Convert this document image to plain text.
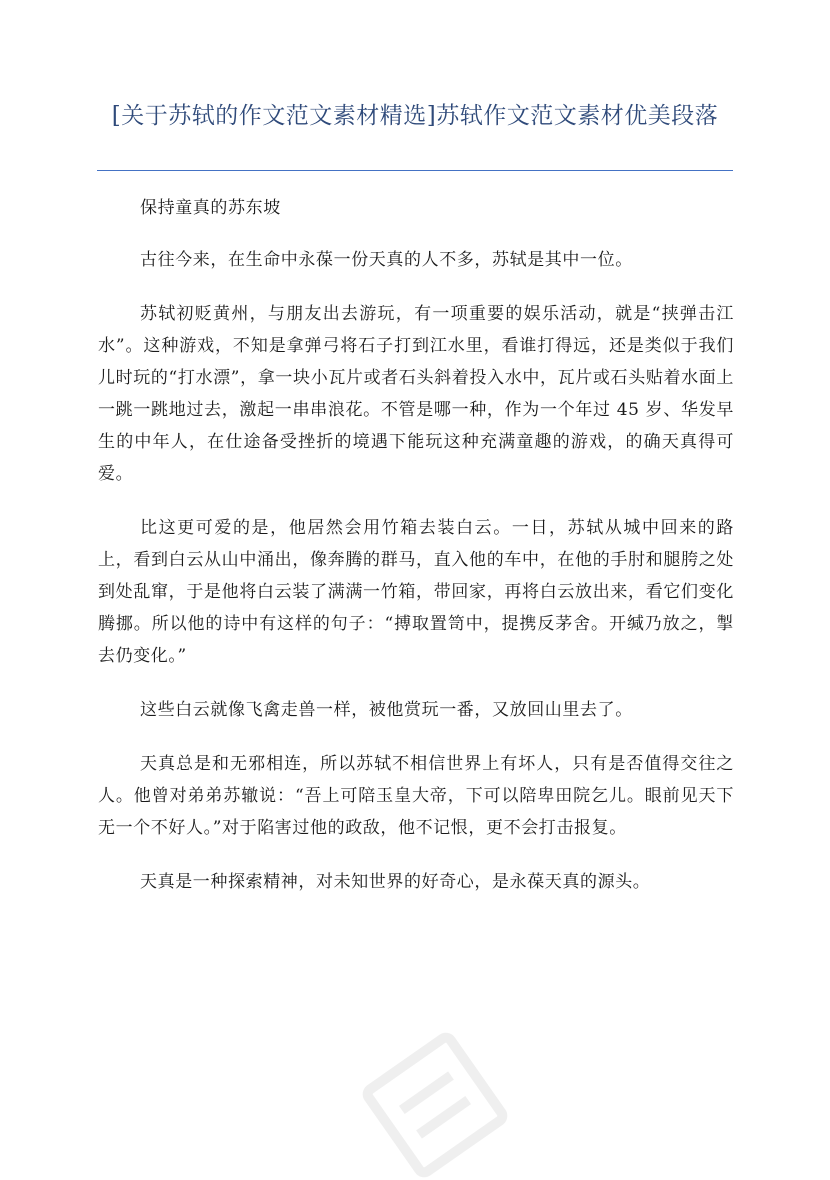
[关于苏轼的作文范文素材精选]苏轼作文范文素材优美段落

保持童真的苏东坡

古往今来，在生命中永葆一份天真的人不多，苏轼是其中一位。

苏轼初贬黄州，与朋友出去游玩，有一项重要的娱乐活动，就是“挟弹击江水”。这种游戏，不知是拿弹弓将石子打到江水里，看谁打得远，还是类似于我们儿时玩的“打水漂”，拿一块小瓦片或者石头斜着投入水中，瓦片或石头贴着水面上一跳一跳地过去，激起一串串浪花。不管是哪一种，作为一个年过 45 岁、华发早生的中年人，在仕途备受挫折的境遇下能玩这种充满童趣的游戏，的确天真得可爱。

比这更可爱的是，他居然会用竹箱去装白云。一日，苏轼从城中回来的路上，看到白云从山中涌出，像奔腾的群马，直入他的车中，在他的手肘和腿胯之处到处乱窜，于是他将白云装了满满一竹箱，带回家，再将白云放出来，看它们变化腾挪。所以他的诗中有这样的句子：“搏取置笥中，提携反茅舍。开缄乃放之，掣去仍变化。”

这些白云就像飞禽走兽一样，被他赏玩一番，又放回山里去了。

天真总是和无邪相连，所以苏轼不相信世界上有坏人，只有是否值得交往之人。他曾对弟弟苏辙说：“吾上可陪玉皇大帝，下可以陪卑田院乞儿。眼前见天下无一个不好人。”对于陷害过他的政敌，他不记恨，更不会打击报复。

天真是一种探索精神，对未知世界的好奇心，是永葆天真的源头。
